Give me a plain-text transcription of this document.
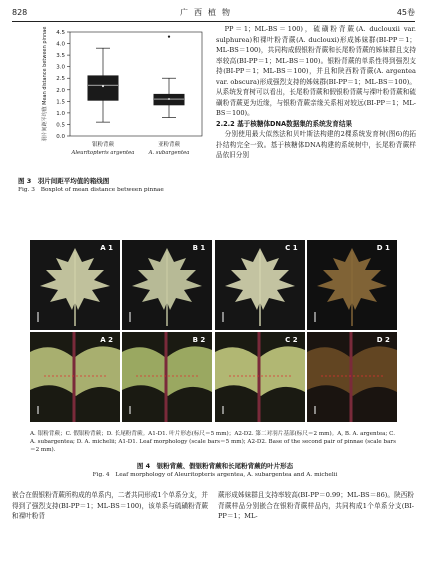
828	广西植物	45卷
0.0
0.5
1.0
1.5
2.0
2.5
3.0
3.5
4.0
4.5
羽片间距平均值 Mean distance between pinnae
银粉背蕨
Aleuritopteris argentea
亚粉背蕨
A. subargentea
图 3　羽片间距平均值的箱线图
Fig. 3　Boxplot of mean distance between pinnae

PP＝1；ML-BS＝100)，硫磺粉背蕨(A. duclouxii var. sulphurea)和裸叶粉背蕨(A. duclouxi)形成姊妹群(BI-PP＝1；ML-BS＝100)，共同构成假银粉背蕨和长尾粉背蕨的姊妹群且支持率较高(BI-PP＝1；ML-BS＝100)。银粉背蕨的单系性得到强烈支持(BI-PP＝1；ML-BS＝100)，并且和陕西粉背蕨(A. argentea var. obscura)形成强烈支持的姊妹群(BI-PP＝1；ML-BS＝100)。从系统发育树可以看出，长尾粉背蕨和假银粉背蕨与裸叶粉背蕨和硫磺粉背蕨更为近缘，与银粉背蕨亲缘关系相对较远(BI-PP＝1；ML-BS＝100)。

2.2.2 基于核糖体DNA数据集的系统发育结果

分别使用最大似然法和贝叶斯法构建的2棵系统发育树(图6)的拓扑结构完全一致。基于核糖体DNA构建的系统树中，长尾粉背蕨样品依旧分别

A 1	B 1	C 1	D 1
A 2	B 2	C 2	D 2
A. 银粉背蕨；C. 假银粉背蕨；D. 长尾粉背蕨。A1-D1. 叶片形态(标尺＝5 mm)；A2-D2. 第二对羽片基部(标尺＝2 mm)。A, B. A. argentea; C. A. subargentea; D. A. michelii; A1-D1. Leaf morphology (scale bars＝5 mm); A2-D2. Base of the second pair of pinnae (scale bars＝2 mm).
图 4　银粉背蕨、假银粉背蕨和长尾粉背蕨的叶片形态
Fig. 4　Leaf morphology of Aleuritopteris argentea, A. subargentea and A. michelii
嵌合在假银粉背蕨所构成的单系内，二者共同形成1个单系分支，并得到了强烈支持(BI-PP＝1；ML-BS＝100)，该单系与硫磺粉背蕨和裸叶粉背
蕨形成姊妹群且支持率较高(BI-PP＝0.99；ML-BS＝86)。陕西粉背蕨样品分别嵌合在银粉背蕨样品内，共同构成1个单系分支(BI-PP＝1；ML-
